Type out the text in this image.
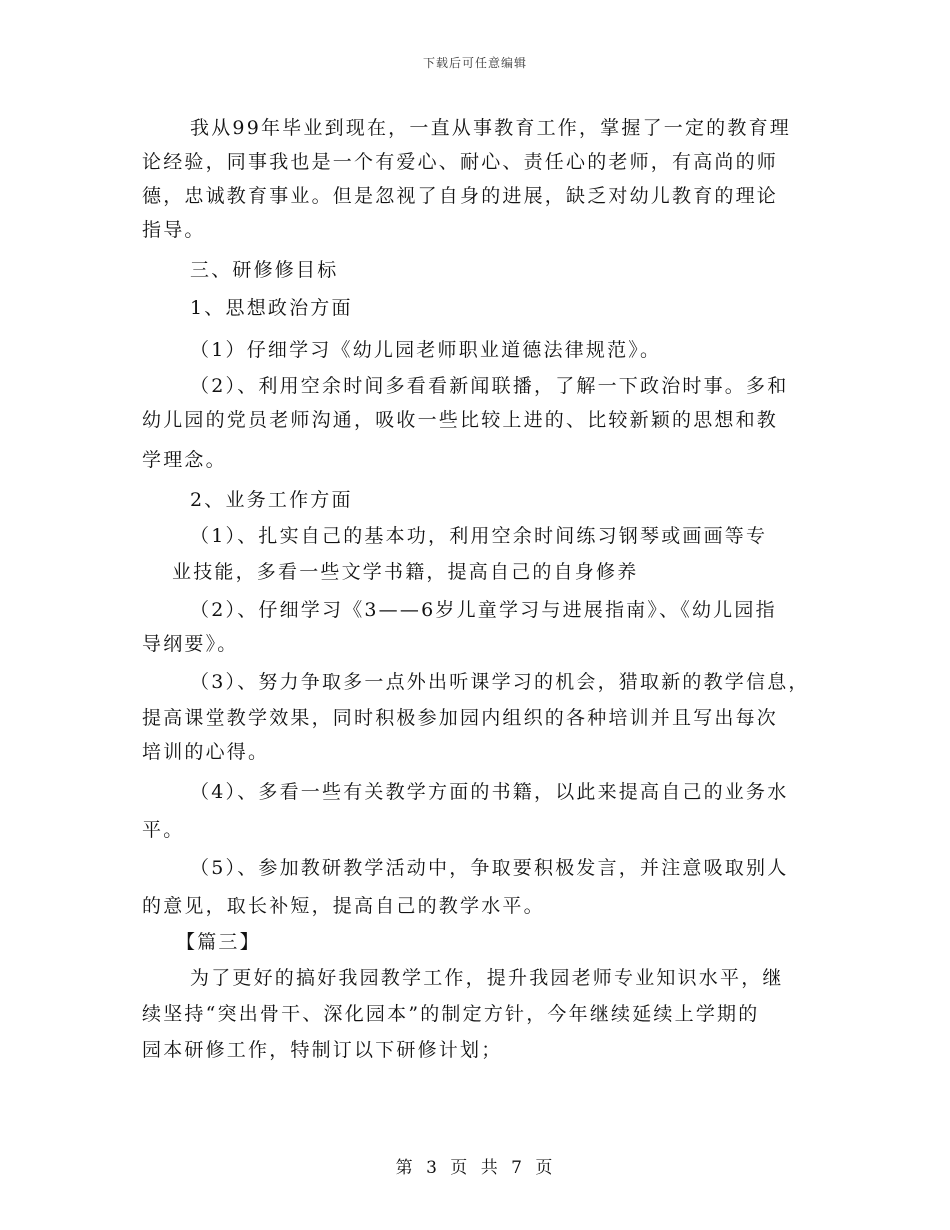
下载后可任意编辑
我从99年毕业到现在，一直从事教育工作，掌握了一定的教育理
论经验，同事我也是一个有爱心、耐心、责任心的老师，有高尚的师
德，忠诚教育事业。但是忽视了自身的进展，缺乏对幼儿教育的理论
指导。
三、研修修目标
1、思想政治方面
（1）仔细学习《幼儿园老师职业道德法律规范》。
（2）、利用空余时间多看看新闻联播，了解一下政治时事。多和
幼儿园的党员老师沟通，吸收一些比较上进的、比较新颖的思想和教
学理念。
2、业务工作方面
（1）、扎实自己的基本功，利用空余时间练习钢琴或画画等专
业技能，多看一些文学书籍，提高自己的自身修养
（2）、仔细学习《3——6岁儿童学习与进展指南》、《幼儿园指
导纲要》。
（3）、努力争取多一点外出听课学习的机会，猎取新的教学信息，
提高课堂教学效果，同时积极参加园内组织的各种培训并且写出每次
培训的心得。
（4）、多看一些有关教学方面的书籍，以此来提高自己的业务水
平。
（5）、参加教研教学活动中，争取要积极发言，并注意吸取别人
的意见，取长补短，提高自己的教学水平。
【篇三】
为了更好的搞好我园教学工作，提升我园老师专业知识水平，继
续坚持“突出骨干、深化园本”的制定方针，今年继续延续上学期的
园本研修工作，特制订以下研修计划；
第 3 页 共 7 页
